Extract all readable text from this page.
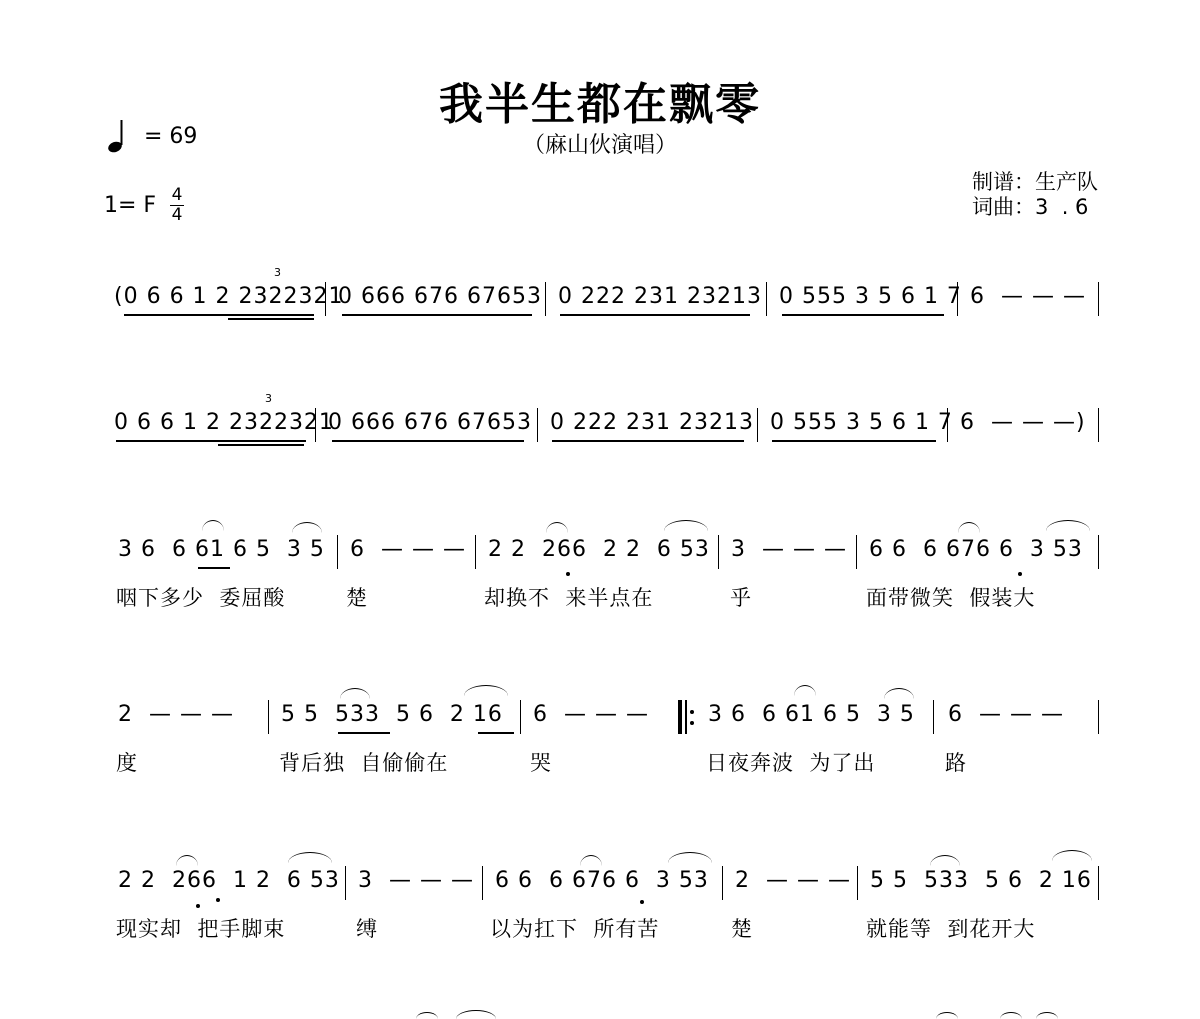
我半生都在飘零
（麻山伙演唱）
= 69
1= F 4
4
制谱：生产队
词曲：3  . 6
(0 6 6 1 2 2322321
0 666 676 67653 0 222 231 23213 0 555 3 5 6 1 7 6  — — —
3
0 6 6 1 2 2322321
0 666 676 67653 0 222 231 23213 0 555 3 5 6 1 7 6  — — —)
3
3 6  6 61 6 5  3 5 6  — — — 2 2  266  2 2  6 53 3  — — — 6 6  6 676 6  3 53
咽下多少  委屈酸	楚	却换不  来半点在	乎	面带微笑  假装大
2  — — — 5 5  533  5 6  2 16 6  — — —	3 6  6 61 6 5  3 5 6  — — —
度	背后独  自偷偷在	哭	日夜奔波  为了出	路
2 2  266  1 2  6 53 3  — — — 6 6  6 676 6  3 53 2  — — — 5 5  533  5 6  2 16
现实却  把手脚束	缚	以为扛下  所有苦	楚	就能等  到花开大
